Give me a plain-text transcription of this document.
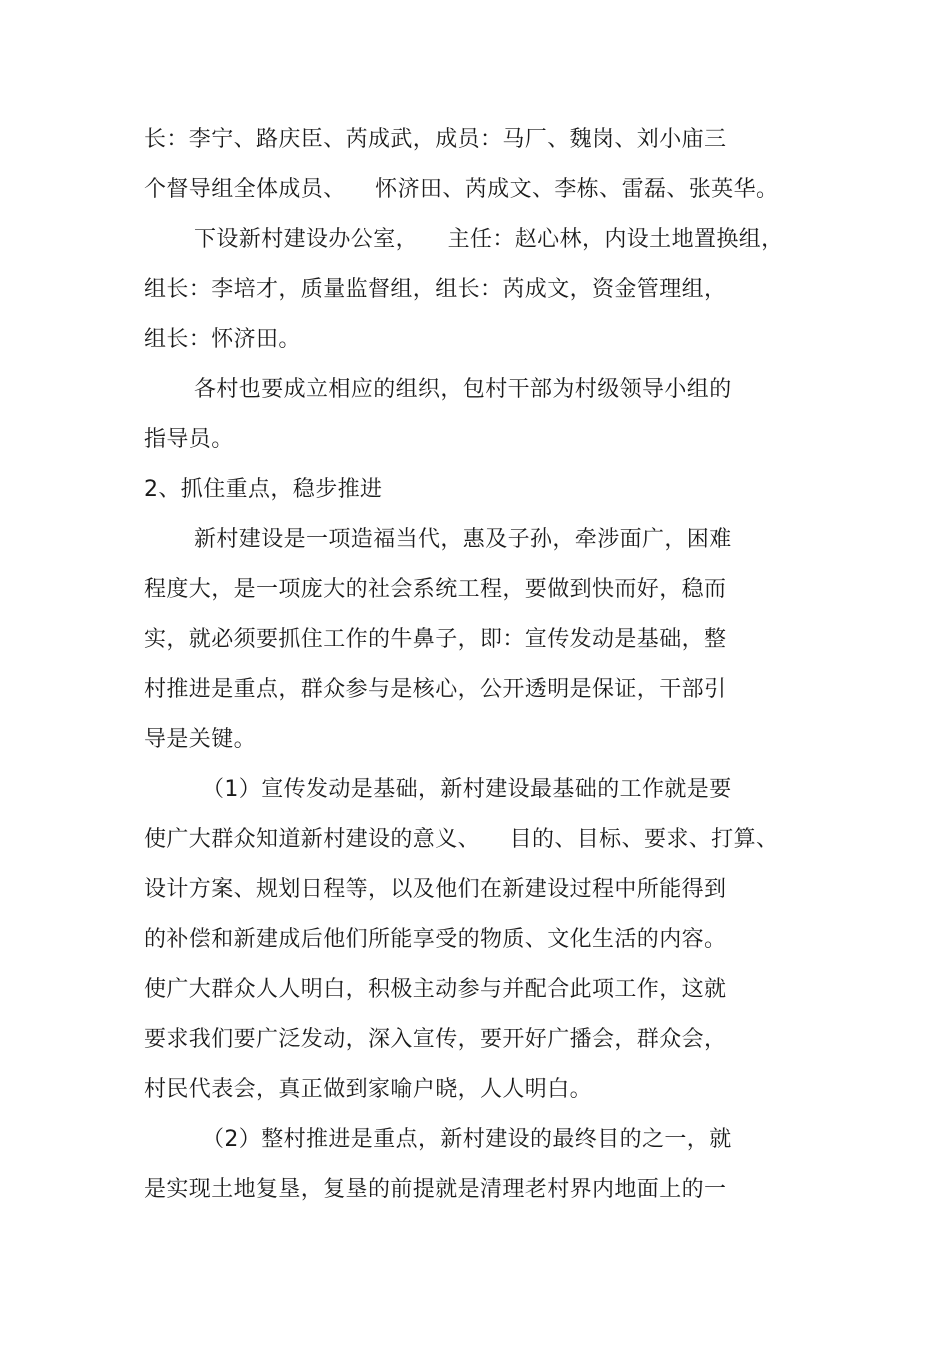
长：李宁、路庆臣、芮成武，成员：马厂、魏岗、刘小庙三
个督导组全体成员、    怀济田、芮成文、李栋、雷磊、张英华。
下设新村建设办公室，    主任：赵心林，内设土地置换组，
组长：李培才，质量监督组，组长：芮成文，资金管理组，
组长：怀济田。
各村也要成立相应的组织，包村干部为村级领导小组的
指导员。
2、抓住重点，稳步推进
新村建设是一项造福当代，惠及子孙，牵涉面广，困难
程度大，是一项庞大的社会系统工程，要做到快而好，稳而
实，就必须要抓住工作的牛鼻子，即：宣传发动是基础，整
村推进是重点，群众参与是核心，公开透明是保证，干部引
导是关键。
（1）宣传发动是基础，新村建设最基础的工作就是要
使广大群众知道新村建设的意义、    目的、目标、要求、打算、
设计方案、规划日程等，以及他们在新建设过程中所能得到
的补偿和新建成后他们所能享受的物质、文化生活的内容。
使广大群众人人明白，积极主动参与并配合此项工作，这就
要求我们要广泛发动，深入宣传，要开好广播会，群众会，
村民代表会，真正做到家喻户晓，人人明白。
（2）整村推进是重点，新村建设的最终目的之一，就
是实现土地复垦，复垦的前提就是清理老村界内地面上的一
